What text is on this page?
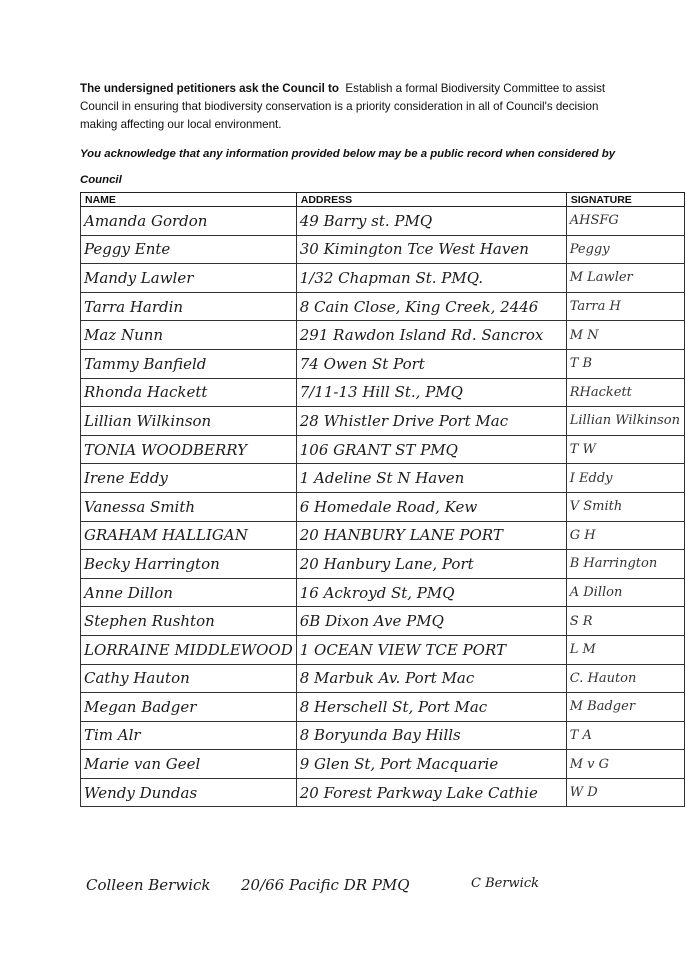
The undersigned petitioners ask the Council to Establish a formal Biodiversity Committee to assist Council in ensuring that biodiversity conservation is a priority consideration in all of Council's decision making affecting our local environment.
You acknowledge that any information provided below may be a public record when considered by Council
NAME	ADDRESS	SIGNATURE
Amanda Gordon	49 Barry st. PMQ	AHSFG
Peggy Ente	30 Kimington Tce West Haven	Peggy
Mandy Lawler	1/32 Chapman St. PMQ.	M Lawler
Tarra Hardin	8 Cain Close, King Creek, 2446	Tarra H
Maz Nunn	291 Rawdon Island Rd. Sancrox	M N
Tammy Banfield	74 Owen St Port	T B
Rhonda Hackett	7/11-13 Hill St., PMQ	RHackett
Lillian Wilkinson	28 Whistler Drive Port Mac	Lillian Wilkinson
TONIA WOODBERRY	106 GRANT ST PMQ	T W
Irene Eddy	1 Adeline St N Haven	I Eddy
Vanessa Smith	6 Homedale Road, Kew	V Smith
GRAHAM HALLIGAN	20 HANBURY LANE PORT	G H
Becky Harrington	20 Hanbury Lane, Port	B Harrington
Anne Dillon	16 Ackroyd St, PMQ	A Dillon
Stephen Rushton	6B Dixon Ave PMQ	S R
LORRAINE MIDDLEWOOD	1 OCEAN VIEW TCE PORT	L M
Cathy Hauton	8 Marbuk Av. Port Mac	C. Hauton
Megan Badger	8 Herschell St, Port Mac	M Badger
Tim Alr	8 Boryunda Bay Hills	T A
Marie van Geel	9 Glen St, Port Macquarie	M v G
Wendy Dundas	20 Forest Parkway Lake Cathie	W D
Colleen Berwick 20/66 Pacific DR PMQ	C Berwick
